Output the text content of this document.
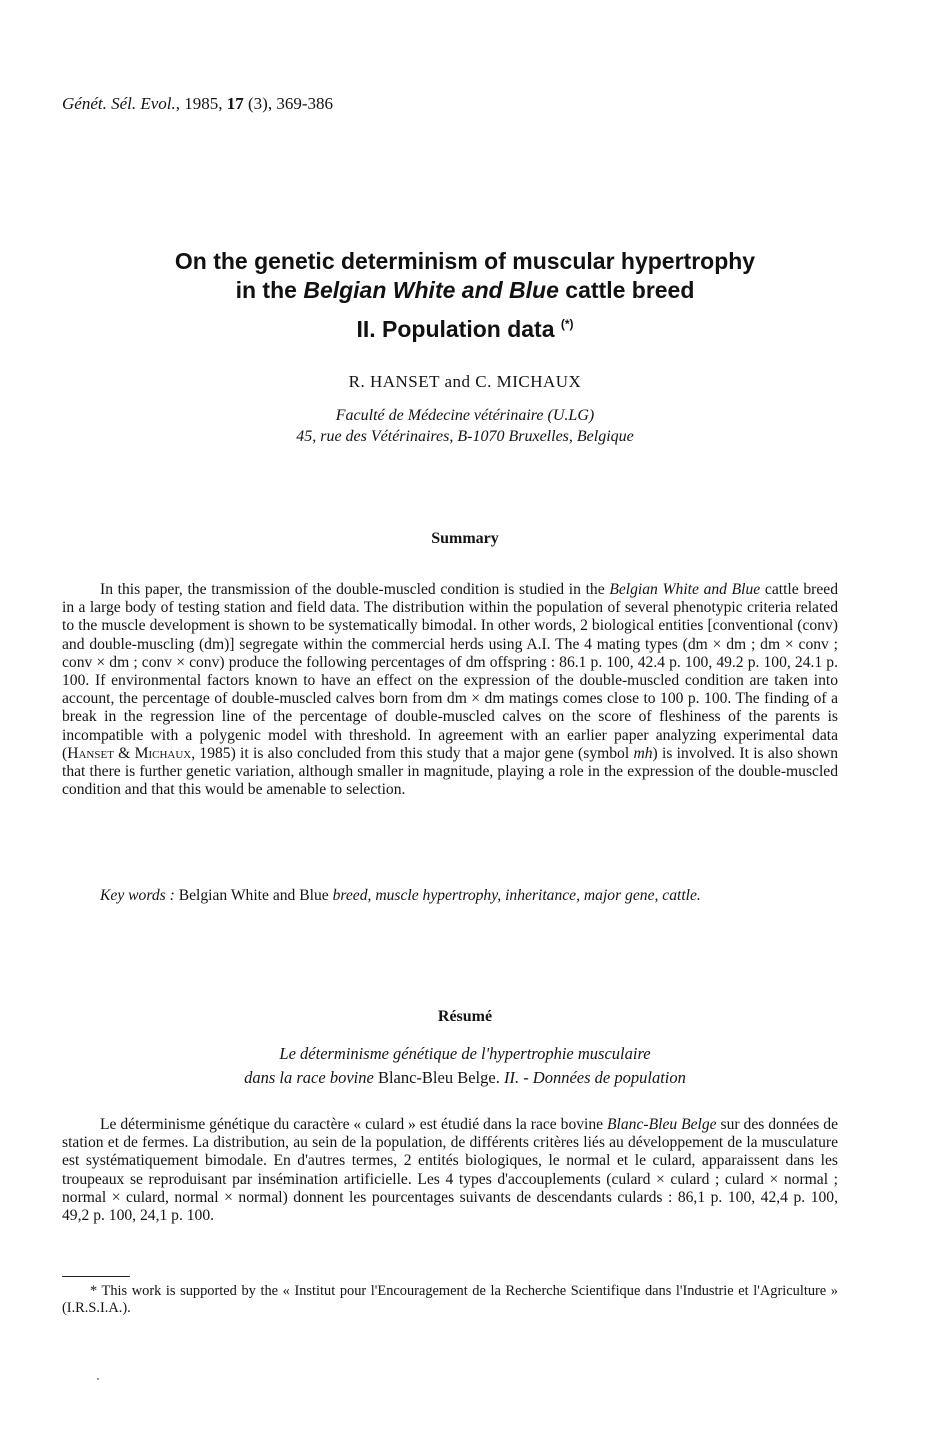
Génét. Sél. Evol., 1985, 17 (3), 369-386
On the genetic determinism of muscular hypertrophy
in the Belgian White and Blue cattle breed
II. Population data (*)
R. HANSET and C. MICHAUX
Faculté de Médecine vétérinaire (U.LG)
45, rue des Vétérinaires, B-1070 Bruxelles, Belgique
Summary

In this paper, the transmission of the double-muscled condition is studied in the Belgian White and Blue cattle breed in a large body of testing station and field data. The distribution within the population of several phenotypic criteria related to the muscle development is shown to be systematically bimodal. In other words, 2 biological entities [conventional (conv) and double-muscling (dm)] segregate within the commercial herds using A.I. The 4 mating types (dm × dm ; dm × conv ; conv × dm ; conv × conv) produce the following percentages of dm offspring : 86.1 p. 100, 42.4 p. 100, 49.2 p. 100, 24.1 p. 100. If environmental factors known to have an effect on the expression of the double-muscled condition are taken into account, the percentage of double-muscled calves born from dm × dm matings comes close to 100 p. 100. The finding of a break in the regression line of the percentage of double-muscled calves on the score of fleshiness of the parents is incompatible with a polygenic model with threshold. In agreement with an earlier paper analyzing experimental data (Hanset & Michaux, 1985) it is also concluded from this study that a major gene (symbol mh) is involved. It is also shown that there is further genetic variation, although smaller in magnitude, playing a role in the expression of the double-muscled condition and that this would be amenable to selection.

Key words : Belgian White and Blue breed, muscle hypertrophy, inheritance, major gene, cattle.
Résumé
Le déterminisme génétique de l'hypertrophie musculaire
dans la race bovine Blanc-Bleu Belge. II. - Données de population

Le déterminisme génétique du caractère « culard » est étudié dans la race bovine Blanc-Bleu Belge sur des données de station et de fermes. La distribution, au sein de la population, de différents critères liés au développement de la musculature est systématiquement bimodale. En d'autres termes, 2 entités biologiques, le normal et le culard, apparaissent dans les troupeaux se reproduisant par insémination artificielle. Les 4 types d'accouplements (culard × culard ; culard × normal ; normal × culard, normal × normal) donnent les pourcentages suivants de descendants culards : 86,1 p. 100, 42,4 p. 100, 49,2 p. 100, 24,1 p. 100.

* This work is supported by the « Institut pour l'Encouragement de la Recherche Scientifique dans l'Industrie et l'Agriculture » (I.R.S.I.A.).
